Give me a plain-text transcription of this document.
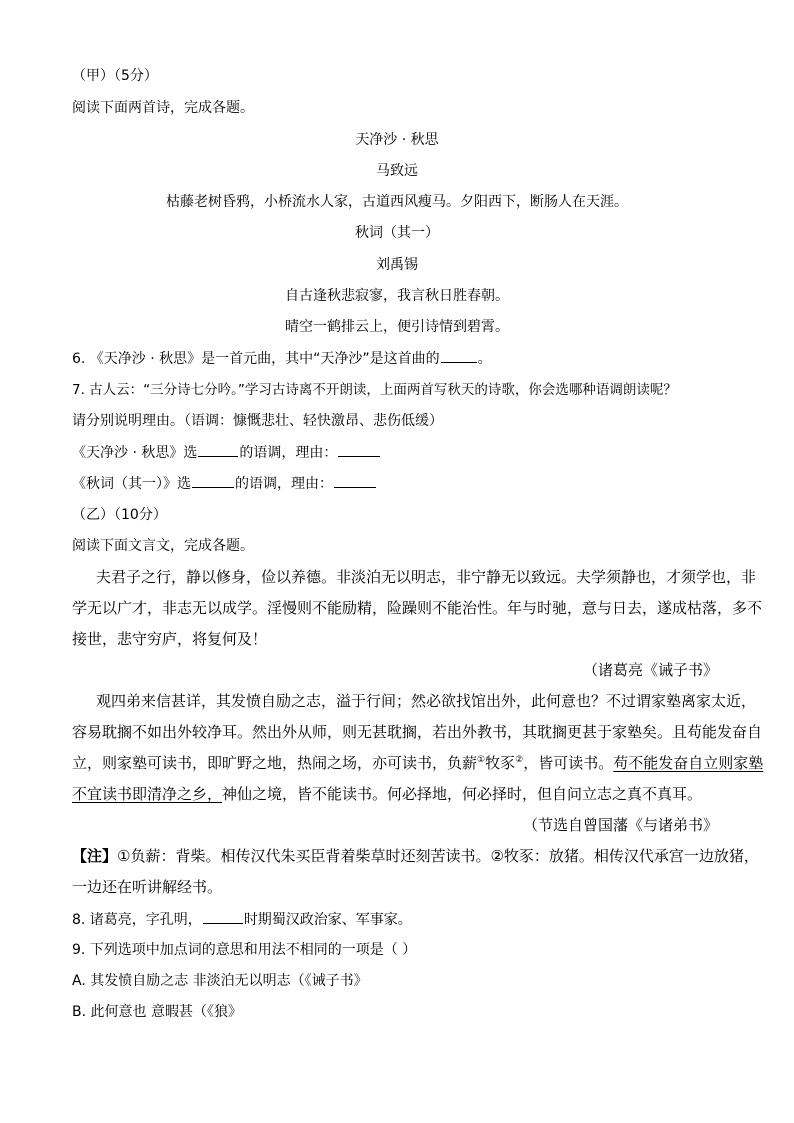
（甲）（5分）
阅读下面两首诗，完成各题。
天净沙 · 秋思
马致远
枯藤老树昏鸦，小桥流水人家，古道西风瘦马。夕阳西下，断肠人在天涯。
秋词（其一）
刘禹锡
自古逢秋悲寂寥，我言秋日胜春朝。
晴空一鹤排云上，便引诗情到碧霄。
6. 《天净沙 · 秋思》是一首元曲，其中“天净沙”是这首曲的	。
7. 古人云：“三分诗七分吟。”学习古诗离不开朗读，上面两首写秋天的诗歌，你会选哪种语调朗读呢？
请分别说明理由。（语调：慷慨悲壮、轻快激昂、悲伤低缓）
《天净沙 · 秋思》选	的语调，理由：
《秋词（其一）》选	的语调，理由：
（乙）（10分）
阅读下面文言文，完成各题。
夫君子之行，静以修身，俭以养德。非淡泊无以明志，非宁静无以致远。夫学须静也，才须学也，非
学无以广才，非志无以成学。淫慢则不能励精，险躁则不能治性。年与时驰，意与日去，遂成枯落，多不
接世，悲守穷庐，将复何及！
（诸葛亮《诫子书》
观四弟来信甚详，其发愤自励之志，溢于行间；然必欲找馆出外，此何意也？不过谓家塾离家太近，
容易耽搁不如出外较净耳。然出外从师，则无甚耽搁，若出外教书，其耽搁更甚于家塾矣。且苟能发奋自
立，则家塾可读书，即旷野之地，热闹之场，亦可读书，负薪①牧豕②，皆可读书。苟不能发奋自立则家塾
不宜读书即清净之乡，神仙之境，皆不能读书。何必择地，何必择时，但自问立志之真不真耳。
（节选自曾国藩《与诸弟书》
【注】①负薪：背柴。相传汉代朱买臣背着柴草时还刻苦读书。②牧豕：放猪。相传汉代承宫一边放猪，
一边还在听讲解经书。
8. 诸葛亮，字孔明，	时期蜀汉政治家、军事家。
9. 下列选项中加点词的意思和用法不相同的一项是（ ）
A. 其发愤自励之志 非淡泊无以明志（《诫子书》
B. 此何意也 意暇甚（《狼》
